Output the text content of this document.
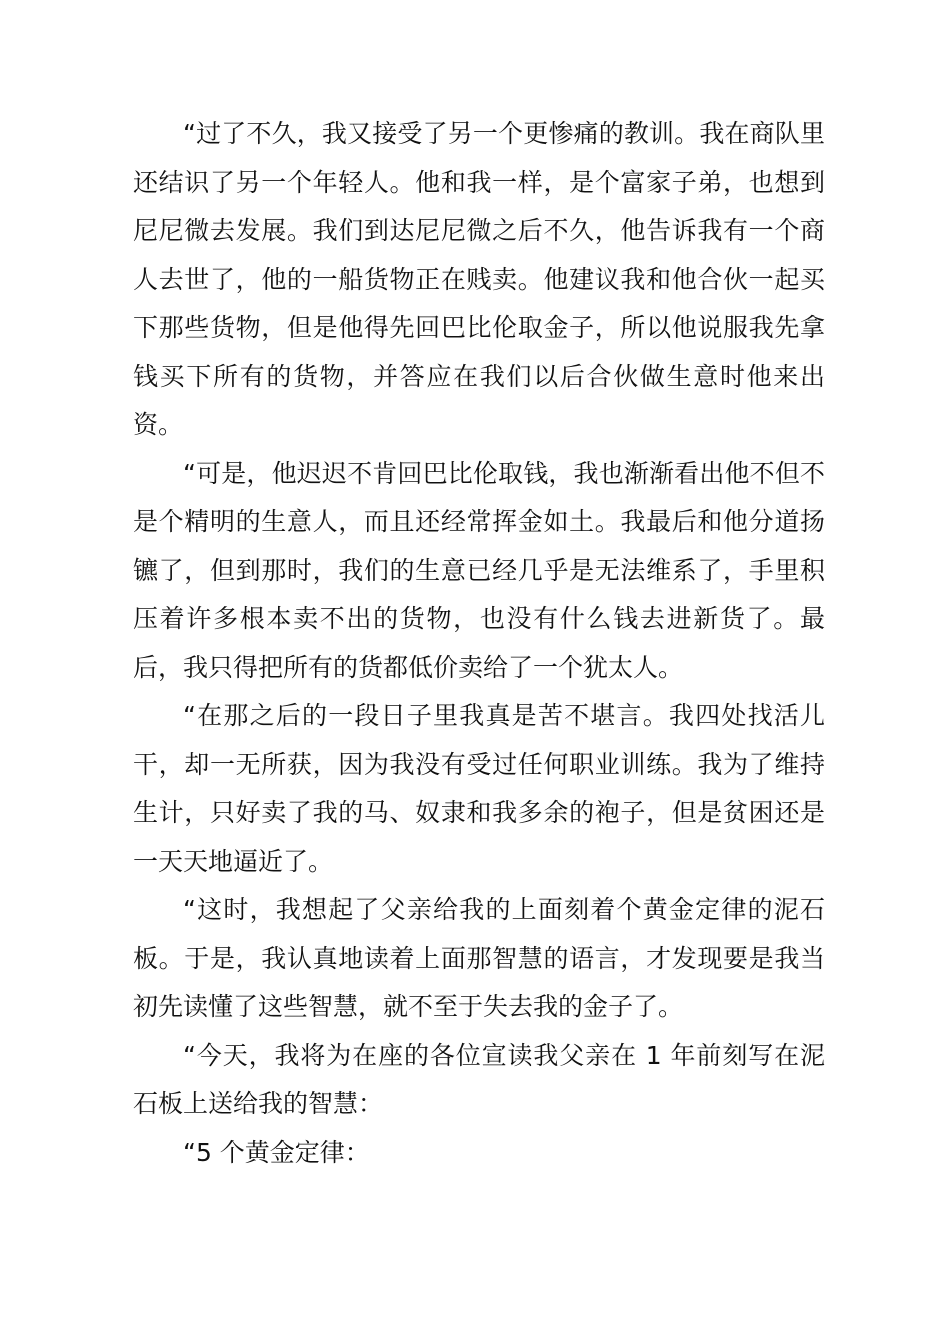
“过了不久，我又接受了另一个更惨痛的教训。我在商队里还结识了另一个年轻人。他和我一样，是个富家子弟，也想到尼尼微去发展。我们到达尼尼微之后不久，他告诉我有一个商人去世了，他的一船货物正在贱卖。他建议我和他合伙一起买下那些货物，但是他得先回巴比伦取金子，所以他说服我先拿钱买下所有的货物，并答应在我们以后合伙做生意时他来出资。

“可是，他迟迟不肯回巴比伦取钱，我也渐渐看出他不但不是个精明的生意人，而且还经常挥金如土。我最后和他分道扬镳了，但到那时，我们的生意已经几乎是无法维系了，手里积压着许多根本卖不出的货物，也没有什么钱去进新货了。最后，我只得把所有的货都低价卖给了一个犹太人。

“在那之后的一段日子里我真是苦不堪言。我四处找活儿干，却一无所获，因为我没有受过任何职业训练。我为了维持生计，只好卖了我的马、奴隶和我多余的袍子，但是贫困还是一天天地逼近了。

“这时，我想起了父亲给我的上面刻着个黄金定律的泥石板。于是，我认真地读着上面那智慧的语言，才发现要是我当初先读懂了这些智慧，就不至于失去我的金子了。

“今天，我将为在座的各位宣读我父亲在 1 年前刻写在泥石板上送给我的智慧：

“5 个黄金定律：
